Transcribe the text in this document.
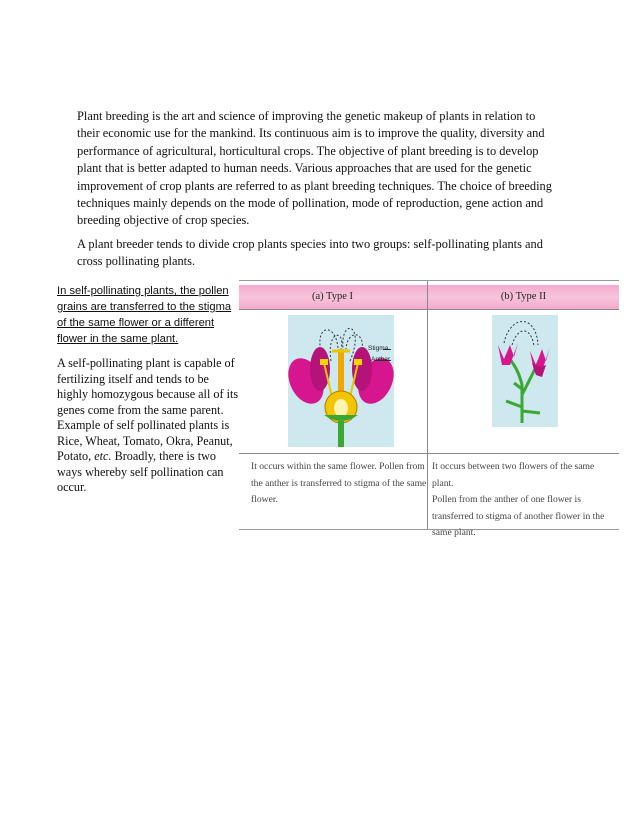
Plant breeding is the art and science of improving the genetic makeup of plants in relation to their economic use for the mankind. Its continuous aim is to improve the quality, diversity and performance of agricultural, horticultural crops. The objective of plant breeding is to develop plant that is better adapted to human needs. Various approaches that are used for the genetic improvement of crop plants are referred to as plant breeding techniques. The choice of breeding techniques mainly depends on the mode of pollination, mode of reproduction, gene action and breeding objective of crop species.

A plant breeder tends to divide crop plants species into two groups: self-pollinating plants and cross pollinating plants.

In self-pollinating plants, the pollen grains are transferred to the stigma of the same flower or a different flower in the same plant.

A self-pollinating plant is capable of fertilizing itself and tends to be highly homozygous because all of its genes come from the same parent. Example of self pollinated plants is Rice, Wheat, Tomato, Okra, Peanut, Potato, etc. Broadly, there is two ways whereby self pollination can occur.

(a) Type I	(b) Type II
Stigma
Anther
It occurs within the same flower. Pollen from
the anther is transferred to stigma of the same
flower.
It occurs between two flowers of the same plant.
Pollen from the anther of one flower is
transferred to stigma of another flower in the
same plant.
